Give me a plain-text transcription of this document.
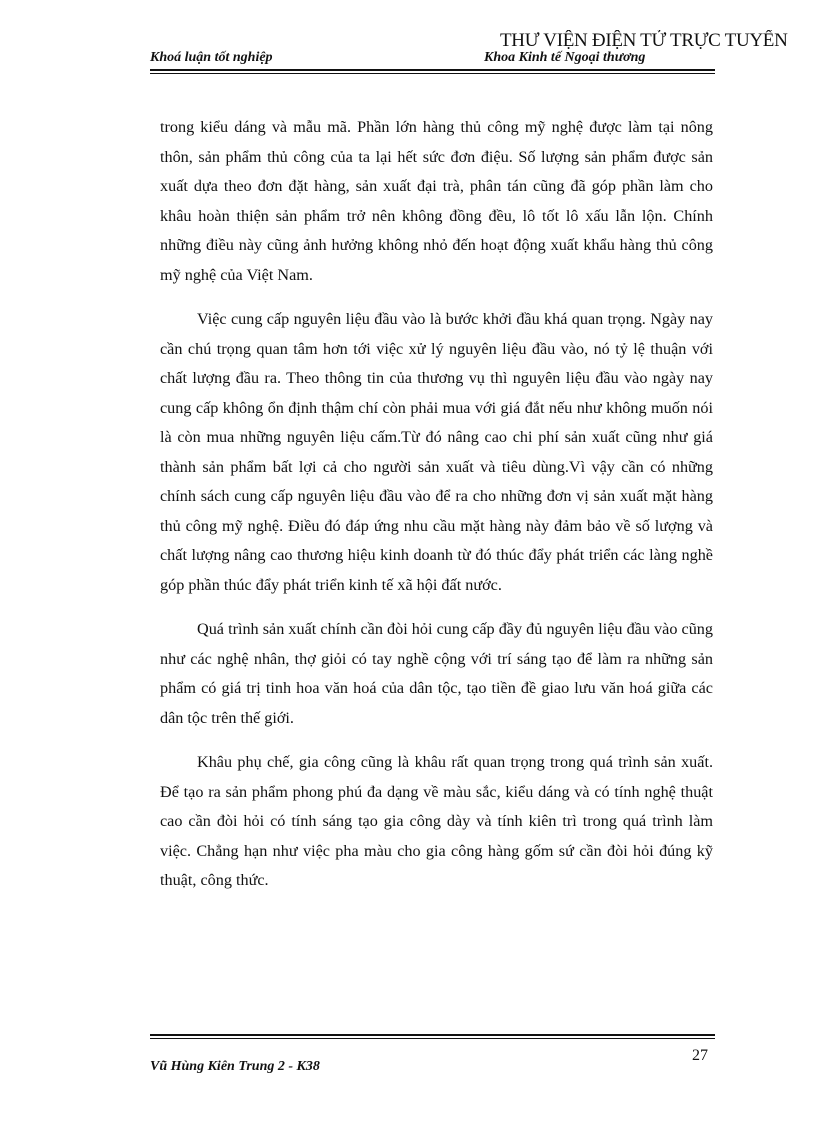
THƯ VIỆN ĐIỆN TỬ TRỰC TUYẾN
Khoá luận tốt nghiệp	Khoa Kinh tế Ngoại thương

trong kiểu dáng và mẫu mã. Phần lớn hàng thủ công mỹ nghệ được làm tại nông thôn, sản phẩm thủ công của ta lại hết sức đơn điệu. Số lượng sản phẩm được sản xuất dựa theo đơn đặt hàng, sản xuất đại trà, phân tán cũng đã góp phần làm cho khâu hoàn thiện sản phẩm trở nên không đồng đều, lô tốt lô xấu lẫn lộn. Chính những điều này cũng ảnh hưởng không nhỏ đến hoạt động xuất khẩu hàng thủ công mỹ nghệ của Việt Nam.

Việc cung cấp nguyên liệu đầu vào là bước khởi đầu khá quan trọng. Ngày nay cần chú trọng quan tâm hơn tới việc xử lý nguyên liệu đầu vào, nó tỷ lệ thuận với chất lượng đầu ra. Theo thông tin của thương vụ thì nguyên liệu đầu vào ngày nay cung cấp không ổn định thậm chí còn phải mua với giá đắt nếu như không muốn nói là còn mua những nguyên liệu cấm.Từ đó nâng cao chi phí sản xuất cũng như giá thành sản phẩm bất lợi cả cho người sản xuất và tiêu dùng.Vì vậy cần có những chính sách cung cấp nguyên liệu đầu vào để ra cho những đơn vị sản xuất mặt hàng thủ công mỹ nghệ. Điều đó đáp ứng nhu cầu mặt hàng này đảm bảo về số lượng và chất lượng nâng cao thương hiệu kinh doanh từ đó thúc đẩy phát triển các làng nghề góp phần thúc đẩy phát triển kinh tế xã hội đất nước.

Quá trình sản xuất chính cần đòi hỏi cung cấp đầy đủ nguyên liệu đầu vào cũng như các nghệ nhân, thợ giỏi có tay nghề cộng với trí sáng tạo để làm ra những sản phẩm có giá trị tinh hoa văn hoá của dân tộc, tạo tiền đề giao lưu văn hoá giữa các dân tộc trên thế giới.

Khâu phụ chế, gia công cũng là khâu rất quan trọng trong quá trình sản xuất. Để tạo ra sản phẩm phong phú đa dạng về màu sắc, kiểu dáng và có tính nghệ thuật cao cần đòi hỏi có tính sáng tạo gia công dày và tính kiên trì trong quá trình làm việc. Chẳng hạn như việc pha màu cho gia công hàng gốm sứ cần đòi hỏi đúng kỹ thuật, công thức.

27
Vũ Hùng Kiên Trung 2 - K38
